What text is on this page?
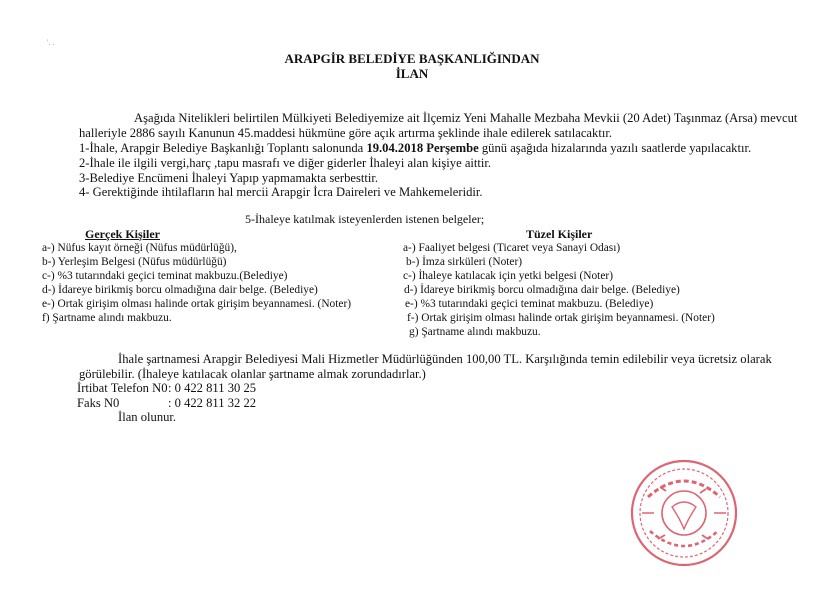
'. .
ARAPGİR BELEDİYE BAŞKANLIĞINDAN
İLAN
Aşağıda Nitelikleri belirtilen Mülkiyeti Belediyemize ait İlçemiz Yeni Mahalle Mezbaha Mevkii (20 Adet) Taşınmaz (Arsa) mevcut
halleriyle 2886 sayılı Kanunun 45.maddesi hükmüne göre açık artırma şeklinde ihale edilerek satılacaktır.
1-İhale, Arapgir Belediye Başkanlığı Toplantı salonunda 19.04.2018 Perşembe günü aşağıda hizalarında yazılı saatlerde yapılacaktır.
2-İhale ile ilgili vergi,harç ,tapu masrafı ve diğer giderler İhaleyi alan kişiye aittir.
3-Belediye Encümeni İhaleyi Yapıp yapmamakta serbesttir.
4- Gerektiğinde ihtilafların hal mercii Arapgir İcra Daireleri ve Mahkemeleridir.
5-İhaleye katılmak isteyenlerden istenen belgeler;
Gerçek Kişiler
a-) Nüfus kayıt örneği (Nüfus müdürlüğü),
b-) Yerleşim Belgesi (Nüfus müdürlüğü)
c-) %3 tutarındaki geçici teminat makbuzu.(Belediye)
d-) İdareye birikmiş borcu olmadığına dair belge. (Belediye)
e-) Ortak girişim olması halinde ortak girişim beyannamesi. (Noter)
f) Şartname alındı makbuzu.
Tüzel Kişiler
a-) Faaliyet belgesi (Ticaret veya Sanayi Odası)
b-) İmza sirküleri (Noter)
c-) İhaleye katılacak için yetki belgesi (Noter)
d-) İdareye birikmiş borcu olmadığına dair belge. (Belediye)
e-) %3 tutarındaki geçici teminat makbuzu. (Belediye)
f-) Ortak girişim olması halinde ortak girişim beyannamesi. (Noter)
g) Şartname alındı makbuzu.
İhale şartnamesi Arapgir Belediyesi Mali Hizmetler Müdürlüğünden 100,00 TL. Karşılığında temin edilebilir veya ücretsiz olarak
görülebilir. (İhaleye katılacak olanlar şartname almak zorundadırlar.)
İrtibat Telefon N0 : 0 422 811 30 25
Faks N0	: 0 422 811 32 22
İlan olunur.
